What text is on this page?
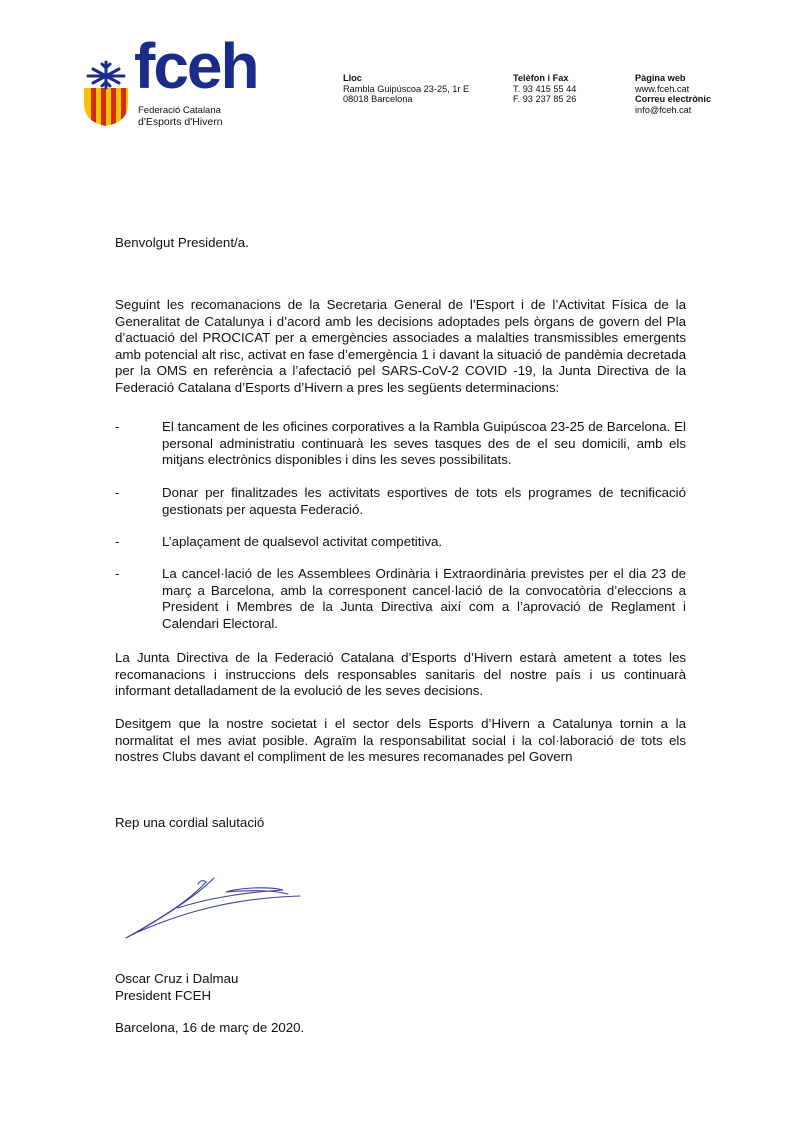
fceh
Federació Catalana
d'Esports d'Hivern
Lloc
Rambla Guipúscoa 23-25, 1r E
08018 Barcelona
Telèfon i Fax
T. 93 415 55 44
F. 93 237 85 26
Pàgina web
www.fceh.cat
Correu electrònic
info@fceh.cat
Benvolgut President/a.
Seguint les recomanacions de la Secretaria General de l’Esport i de l’Activitat Física de la Generalitat de Catalunya i d’acord amb les decisions adoptades pels òrgans de govern del Pla d’actuació del PROCICAT per a emergències associades a malalties transmissibles emergents amb potencial alt risc, activat en fase d’emergència 1 i davant la situació de pandèmia decretada per la OMS en referència a l’afectació pel SARS-CoV-2 COVID -19, la Junta Directiva de la Federació Catalana d’Esports d’Hivern a pres les següents determinacions:
-	El tancament de les oficines corporatives a la Rambla Guipúscoa 23-25 de Barcelona. El personal administratiu continuarà les seves tasques des de el seu domicili, amb els mitjans electrònics disponibles i dins les seves possibilitats.
-	Donar per finalitzades les activitats esportives de tots els programes de tecnificació gestionats per aquesta Federació.
-	L’aplaçament de qualsevol activitat competitiva.
-	La cancel·lació de les Assemblees Ordinària i Extraordinària previstes per el dia 23 de març a Barcelona, amb la corresponent cancel·lació de la convocatòria d’eleccions a President i Membres de la Junta Directiva així com a l’aprovació de Reglament i Calendari Electoral.
La Junta Directiva de la Federació Catalana d’Esports d’Hivern estarà ametent a totes les recomanacions i instruccions dels responsables sanitaris del nostre país i us continuarà informant detalladament de la evolució de les seves decisions.
Desitgem que la nostre societat i el sector dels Esports d’Hivern a Catalunya tornin a la normalitat el mes aviat posible. Agraïm la responsabilitat social i la col·laboració de tots els nostres Clubs davant el compliment de les mesures recomanades pel Govern
Rep una cordial salutació
Oscar Cruz i Dalmau
President FCEH
Barcelona, 16 de març de 2020.
